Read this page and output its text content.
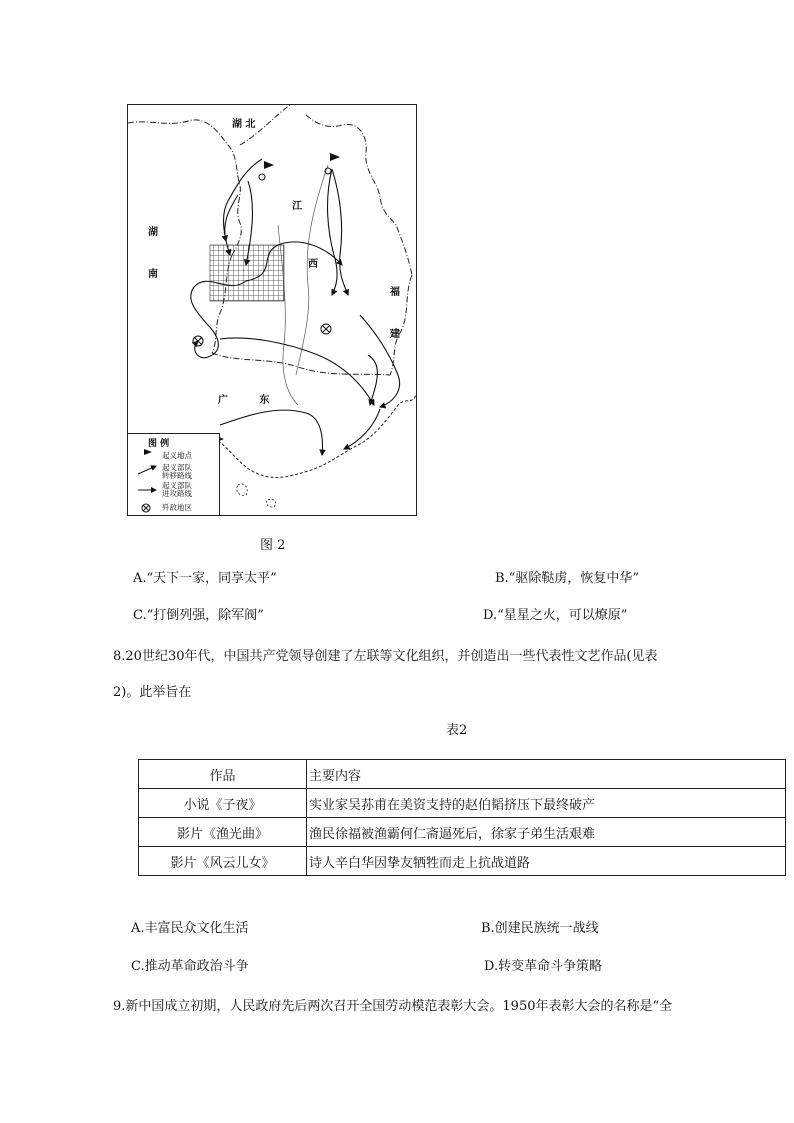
湖 北
湖
南
江
西
福
建
广         东
图 例
起义地点
起义部队
转移路线
起义部队
进攻路线
歼敌地区
图 2
A.“天下一家，同享太平”	B.“驱除鞑虏，恢复中华”
C.“打倒列强，除军阀”	D.“星星之火，可以燎原”
8.20世纪30年代，中国共产党领导创建了左联等文化组织，并创造出一些代表性文艺作品(见表
2)。此举旨在
表2
作品	主要内容
小说《子夜》	实业家吴荪甫在美资支持的赵伯韬挤压下最终破产
影片《渔光曲》	渔民徐福被渔霸何仁斋逼死后，徐家子弟生活艰难
影片《风云儿女》	诗人辛白华因挚友牺牲而走上抗战道路
A.丰富民众文化生活	B.创建民族统一战线
C.推动革命政治斗争	D.转变革命斗争策略
9.新中国成立初期，人民政府先后两次召开全国劳动模范表彰大会。1950年表彰大会的名称是“全
